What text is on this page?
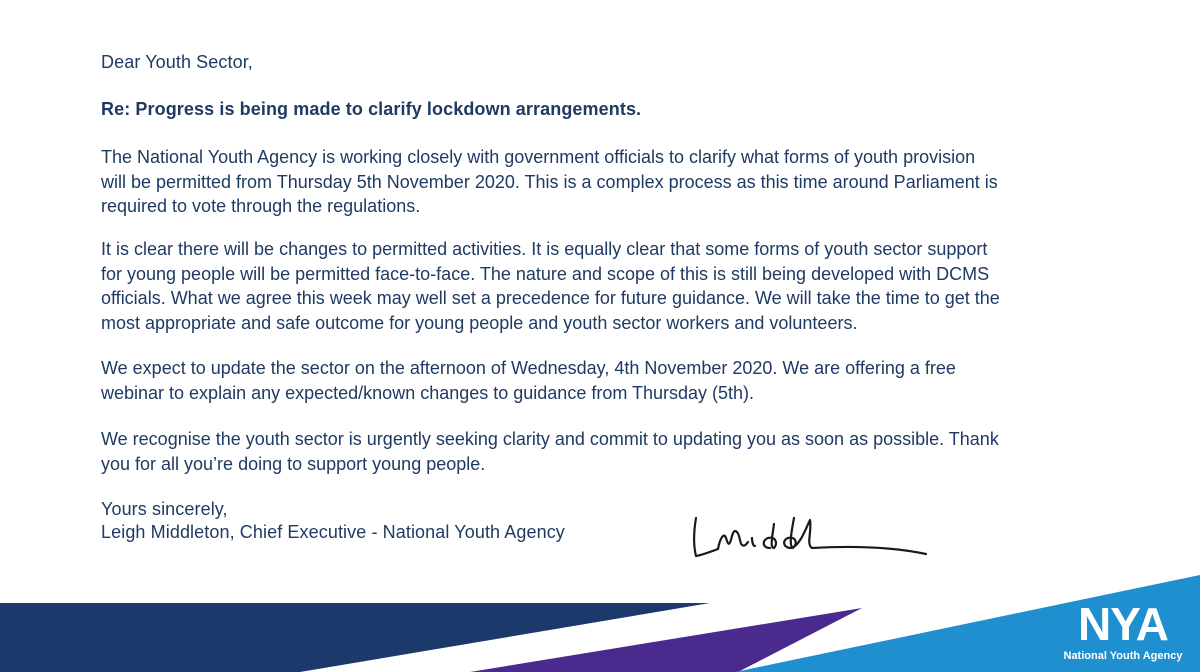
Dear Youth Sector,
Re: Progress is being made to clarify lockdown arrangements.
The National Youth Agency is working closely with government officials to clarify what forms of youth provision
will be permitted from Thursday 5th November 2020. This is a complex process as this time around Parliament is
required to vote through the regulations.
It is clear there will be changes to permitted activities. It is equally clear that some forms of youth sector support
for young people will be permitted face-to-face. The nature and scope of this is still being developed with DCMS
officials. What we agree this week may well set a precedence for future guidance. We will take the time to get the
most appropriate and safe outcome for young people and youth sector workers and volunteers.
We expect to update the sector on the afternoon of Wednesday, 4th November 2020. We are offering a free
webinar to explain any expected/known changes to guidance from Thursday (5th).
We recognise the youth sector is urgently seeking clarity and commit to updating you as soon as possible. Thank
you for all you’re doing to support young people.
Yours sincerely,
Leigh Middleton, Chief Executive - National Youth Agency
NYA
National Youth Agency
